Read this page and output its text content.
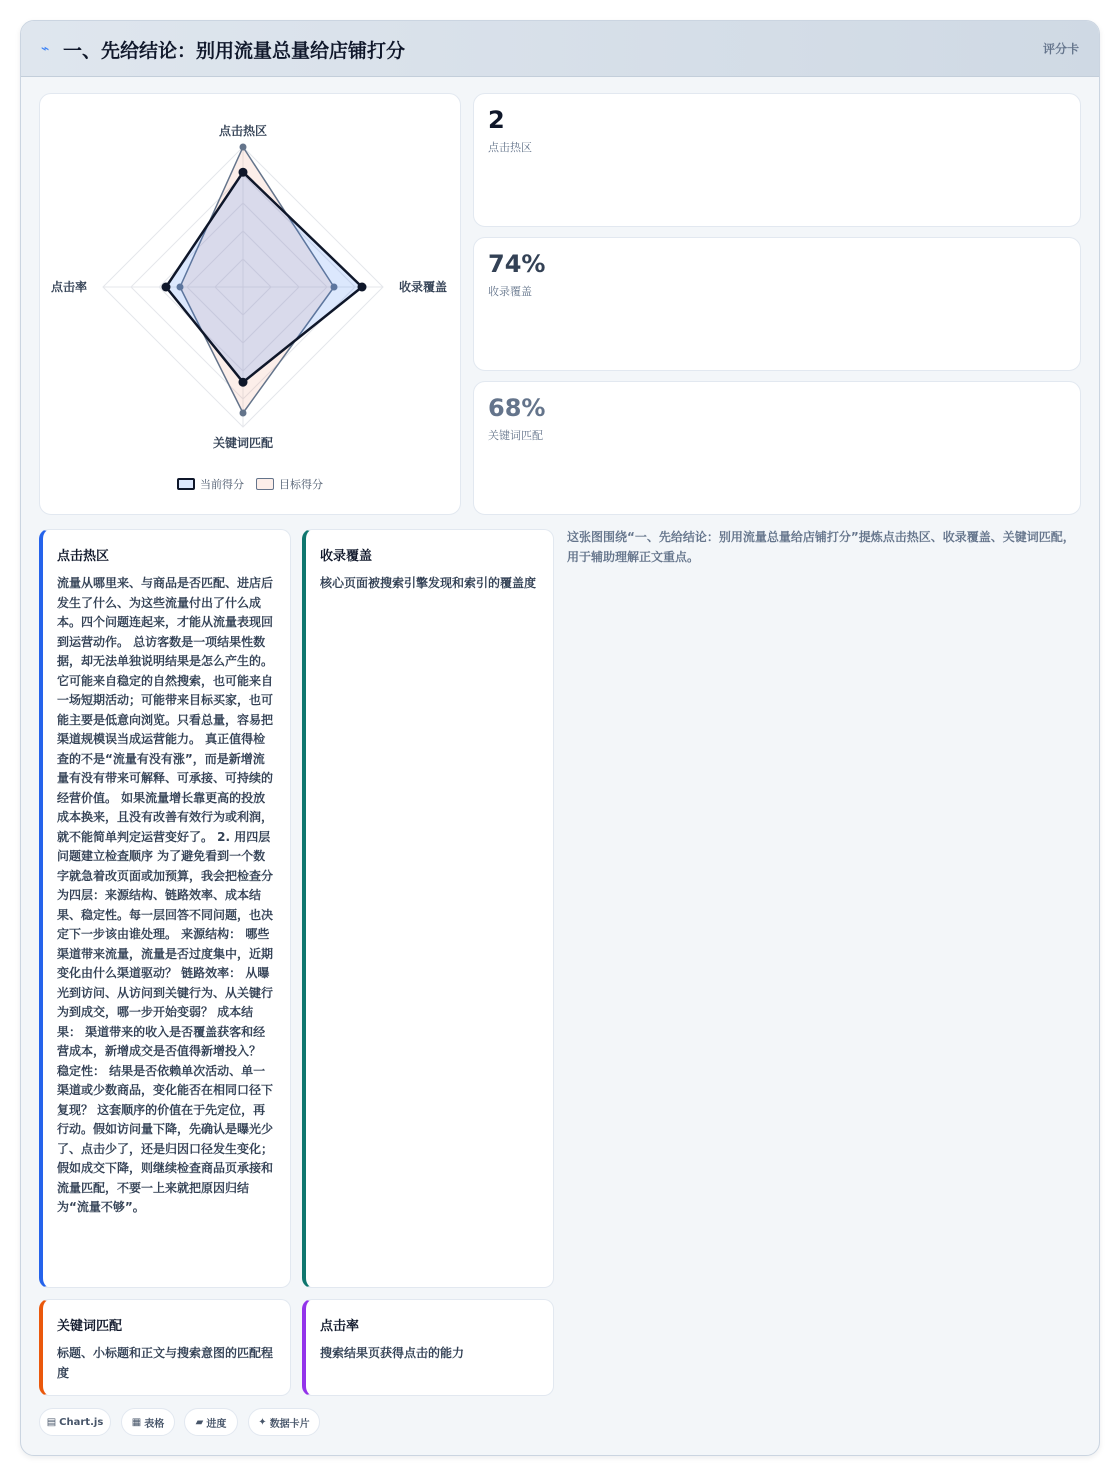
⌁ 一、先给结论：别用流量总量给店铺打分	评分卡
点击热区
收录覆盖
关键词匹配
点击率
当前得分	目标得分
2
点击热区
74%
收录覆盖
68%
关键词匹配
点击热区
流量从哪里来、与商品是否匹配、进店后发生了什么、为这些流量付出了什么成本。四个问题连起来，才能从流量表现回到运营动作。 总访客数是一项结果性数据，却无法单独说明结果是怎么产生的。它可能来自稳定的自然搜索，也可能来自一场短期活动；可能带来目标买家，也可能主要是低意向浏览。只看总量，容易把渠道规模误当成运营能力。 真正值得检查的不是“流量有没有涨”，而是新增流量有没有带来可解释、可承接、可持续的经营价值。 如果流量增长靠更高的投放成本换来，且没有改善有效行为或利润，就不能简单判定运营变好了。 2. 用四层问题建立检查顺序 为了避免看到一个数字就急着改页面或加预算，我会把检查分为四层：来源结构、链路效率、成本结果、稳定性。每一层回答不同问题，也决定下一步该由谁处理。 来源结构： 哪些渠道带来流量，流量是否过度集中，近期变化由什么渠道驱动？ 链路效率： 从曝光到访问、从访问到关键行为、从关键行为到成交，哪一步开始变弱？ 成本结果： 渠道带来的收入是否覆盖获客和经营成本，新增成交是否值得新增投入？ 稳定性： 结果是否依赖单次活动、单一渠道或少数商品，变化能否在相同口径下复现？ 这套顺序的价值在于先定位，再行动。假如访问量下降，先确认是曝光少了、点击少了，还是归因口径发生变化；假如成交下降，则继续检查商品页承接和流量匹配，不要一上来就把原因归结为“流量不够”。
收录覆盖
核心页面被搜索引擎发现和索引的覆盖度
关键词匹配
标题、小标题和正文与搜索意图的匹配程度
点击率
搜索结果页获得点击的能力
这张图围绕“一、先给结论：别用流量总量给店铺打分”提炼点击热区、收录覆盖、关键词匹配，用于辅助理解正文重点。
▤ Chart.js	▦ 表格	▰ 进度	✦ 数据卡片
